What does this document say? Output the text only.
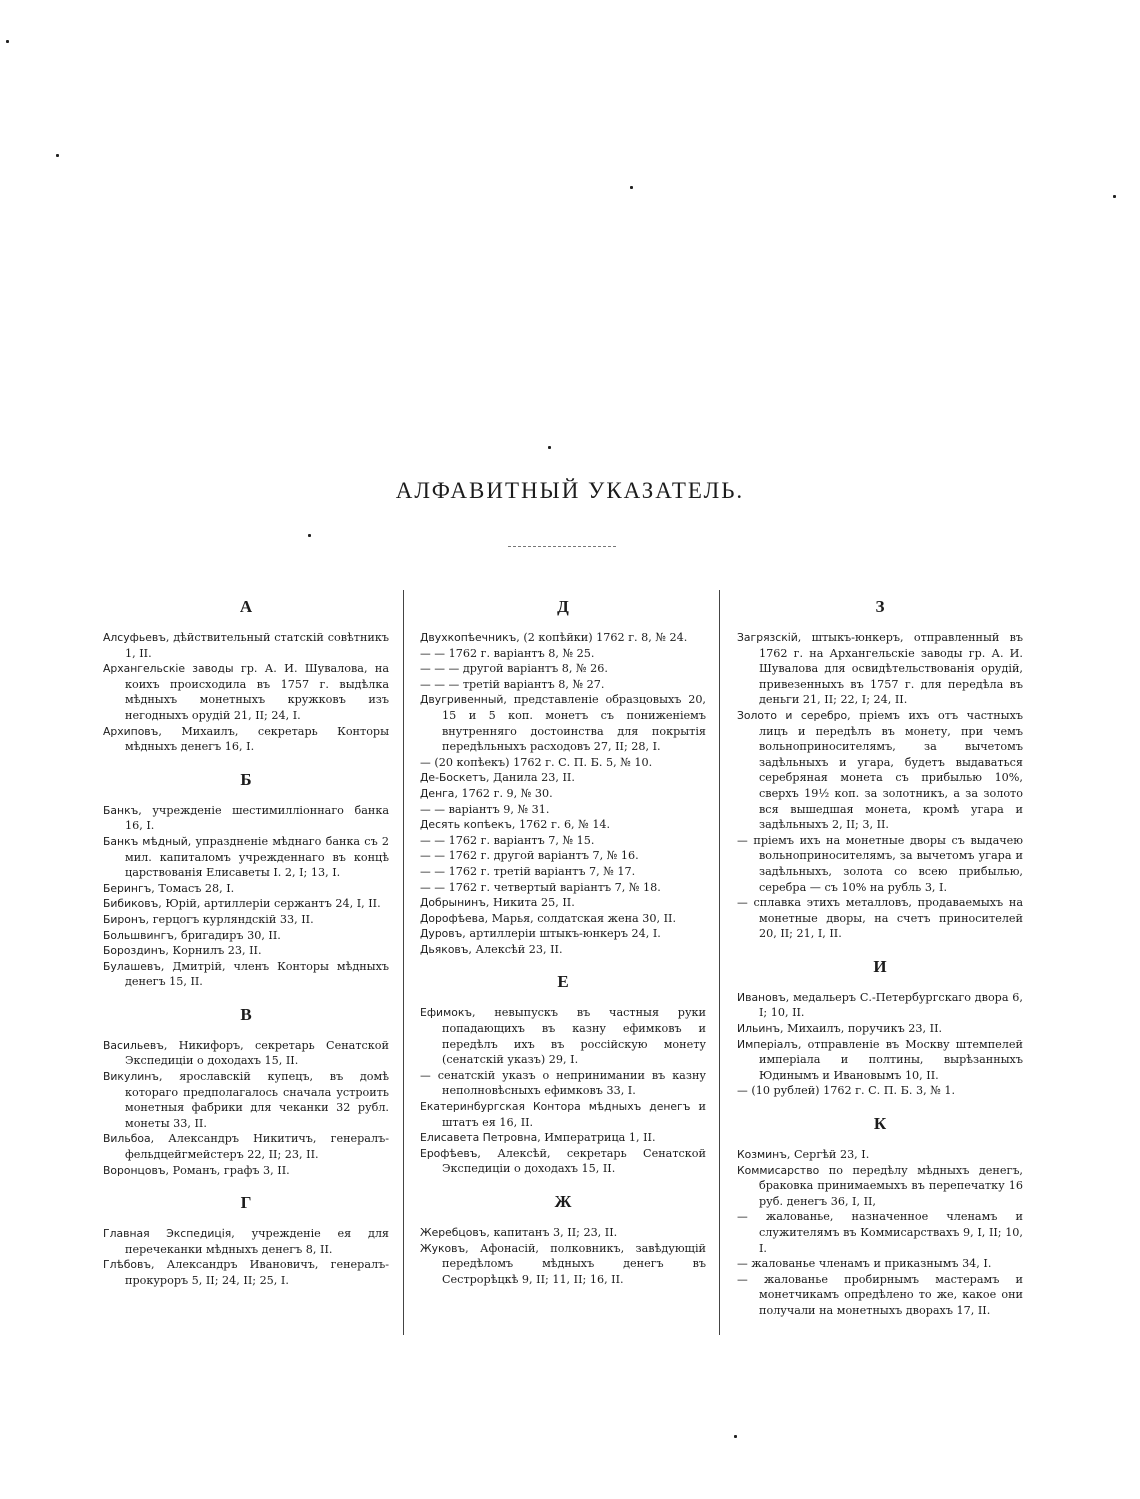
АЛФАВИТНЫЙ УКАЗАТЕЛЬ.
А
Алсуфьевъ, дѣйствительный статскій совѣтникъ 1, II.
Архангельскіе заводы гр. А. И. Шувалова, на коихъ происходила въ 1757 г. выдѣлка мѣдныхъ монетныхъ кружковъ изъ негодныхъ орудій 21, II; 24, I.
Архиповъ, Михаилъ, секретарь Конторы мѣдныхъ денегъ 16, I.
Б
Банкъ, учрежденіе шестимилліоннаго банка 16, I.
Банкъ мѣдный, упраздненіе мѣднаго банка съ 2 мил. капиталомъ учрежденнаго въ концѣ царствованія Елисаветы I. 2, I; 13, I.
Берингъ, Томасъ 28, I.
Бибиковъ, Юрій, артиллеріи сержантъ 24, I, II.
Биронъ, герцогъ курляндскій 33, II.
Большвингъ, бригадиръ 30, II.
Бороздинъ, Корнилъ 23, II.
Булашевъ, Дмитрій, членъ Конторы мѣдныхъ денегъ 15, II.
В
Васильевъ, Никифоръ, секретарь Сенатской Экспедиціи о доходахъ 15, II.
Викулинъ, ярославскій купецъ, въ домѣ котораго предполагалось сначала устроить монетныя фабрики для чеканки 32 рубл. монеты 33, II.
Вильбоа, Александръ Никитичъ, генералъ-фельдцейгмейстеръ 22, II; 23, II.
Воронцовъ, Романъ, графъ 3, II.
Г
Главная Экспедиція, учрежденіе ея для перечеканки мѣдныхъ денегъ 8, II.
Глѣбовъ, Александръ Ивановичъ, генералъ-прокуроръ 5, II; 24, II; 25, I.
Д
Двухкопѣечникъ, (2 копѣйки) 1762 г. 8, № 24.
— — 1762 г. варіантъ 8, № 25.
— — — другой варіантъ 8, № 26.
— — — третій варіантъ 8, № 27.
Двугривенный, представленіе образцовыхъ 20, 15 и 5 коп. монетъ съ пониженіемъ внутренняго достоинства для покрытія передѣльныхъ расходовъ 27, II; 28, I.
— (20 копѣекъ) 1762 г. С. П. Б. 5, № 10.
Де-Боскетъ, Данила 23, II.
Денга, 1762 г. 9, № 30.
— — варіантъ 9, № 31.
Десять копѣекъ, 1762 г. 6, № 14.
— — 1762 г. варіантъ 7, № 15.
— — 1762 г. другой варіантъ 7, № 16.
— — 1762 г. третій варіантъ 7, № 17.
— — 1762 г. четвертый варіантъ 7, № 18.
Добрынинъ, Никита 25, II.
Дорофѣева, Марья, солдатская жена 30, II.
Дуровъ, артиллеріи штыкъ-юнкеръ 24, I.
Дьяковъ, Алексѣй 23, II.
Е
Ефимокъ, невыпускъ въ частныя руки попадающихъ въ казну ефимковъ и передѣлъ ихъ въ россійскую монету (сенатскій указъ) 29, I.
— сенатскій указъ о непринимании въ казну неполновѣсныхъ ефимковъ 33, I.
Екатеринбургская Контора мѣдныхъ денегъ и штатъ ея 16, II.
Елисавета Петровна, Императрица 1, II.
Ерофѣевъ, Алексѣй, секретарь Сенатской Экспедиціи о доходахъ 15, II.
Ж
Жеребцовъ, капитанъ 3, II; 23, II.
Жуковъ, Афонасій, полковникъ, завѣдующій передѣломъ мѣдныхъ денегъ въ Сестрорѣцкѣ 9, II; 11, II; 16, II.
З
Загрязскій, штыкъ-юнкеръ, отправленный въ 1762 г. на Архангельскіе заводы гр. А. И. Шувалова для освидѣтельствованія орудій, привезенныхъ въ 1757 г. для передѣла въ деньги 21, II; 22, I; 24, II.
Золото и серебро, пріемъ ихъ отъ частныхъ лицъ и передѣлъ въ монету, при чемъ вольноприносителямъ, за вычетомъ задѣльныхъ и угара, будетъ выдаваться серебряная монета съ прибылью 10%, сверхъ 19½ коп. за золотникъ, а за золото вся вышедшая монета, кромѣ угара и задѣльныхъ 2, II; 3, II.
— пріемъ ихъ на монетные дворы съ выдачею вольноприносителямъ, за вычетомъ угара и задѣльныхъ, золота со всею прибылью, серебра — съ 10% на рубль 3, I.
— сплавка этихъ металловъ, продаваемыхъ на монетные дворы, на счетъ приносителей 20, II; 21, I, II.
И
Ивановъ, медальеръ С.-Петербургскаго двора 6, I; 10, II.
Ильинъ, Михаилъ, поручикъ 23, II.
Имперіалъ, отправленіе въ Москву штемпелей имперіала и полтины, вырѣзанныхъ Юдинымъ и Ивановымъ 10, II.
— (10 рублей) 1762 г. С. П. Б. 3, № 1.
К
Козминъ, Сергѣй 23, I.
Коммисарство по передѣлу мѣдныхъ денегъ, браковка принимаемыхъ въ перепечатку 16 руб. денегъ 36, I, II,
— жалованье, назначенное членамъ и служителямъ въ Коммисарствахъ 9, I, II; 10, I.
— жалованье членамъ и приказнымъ 34, I.
— жалованье пробирнымъ мастерамъ и монетчикамъ опредѣлено то же, какое они получали на монетныхъ дворахъ 17, II.
